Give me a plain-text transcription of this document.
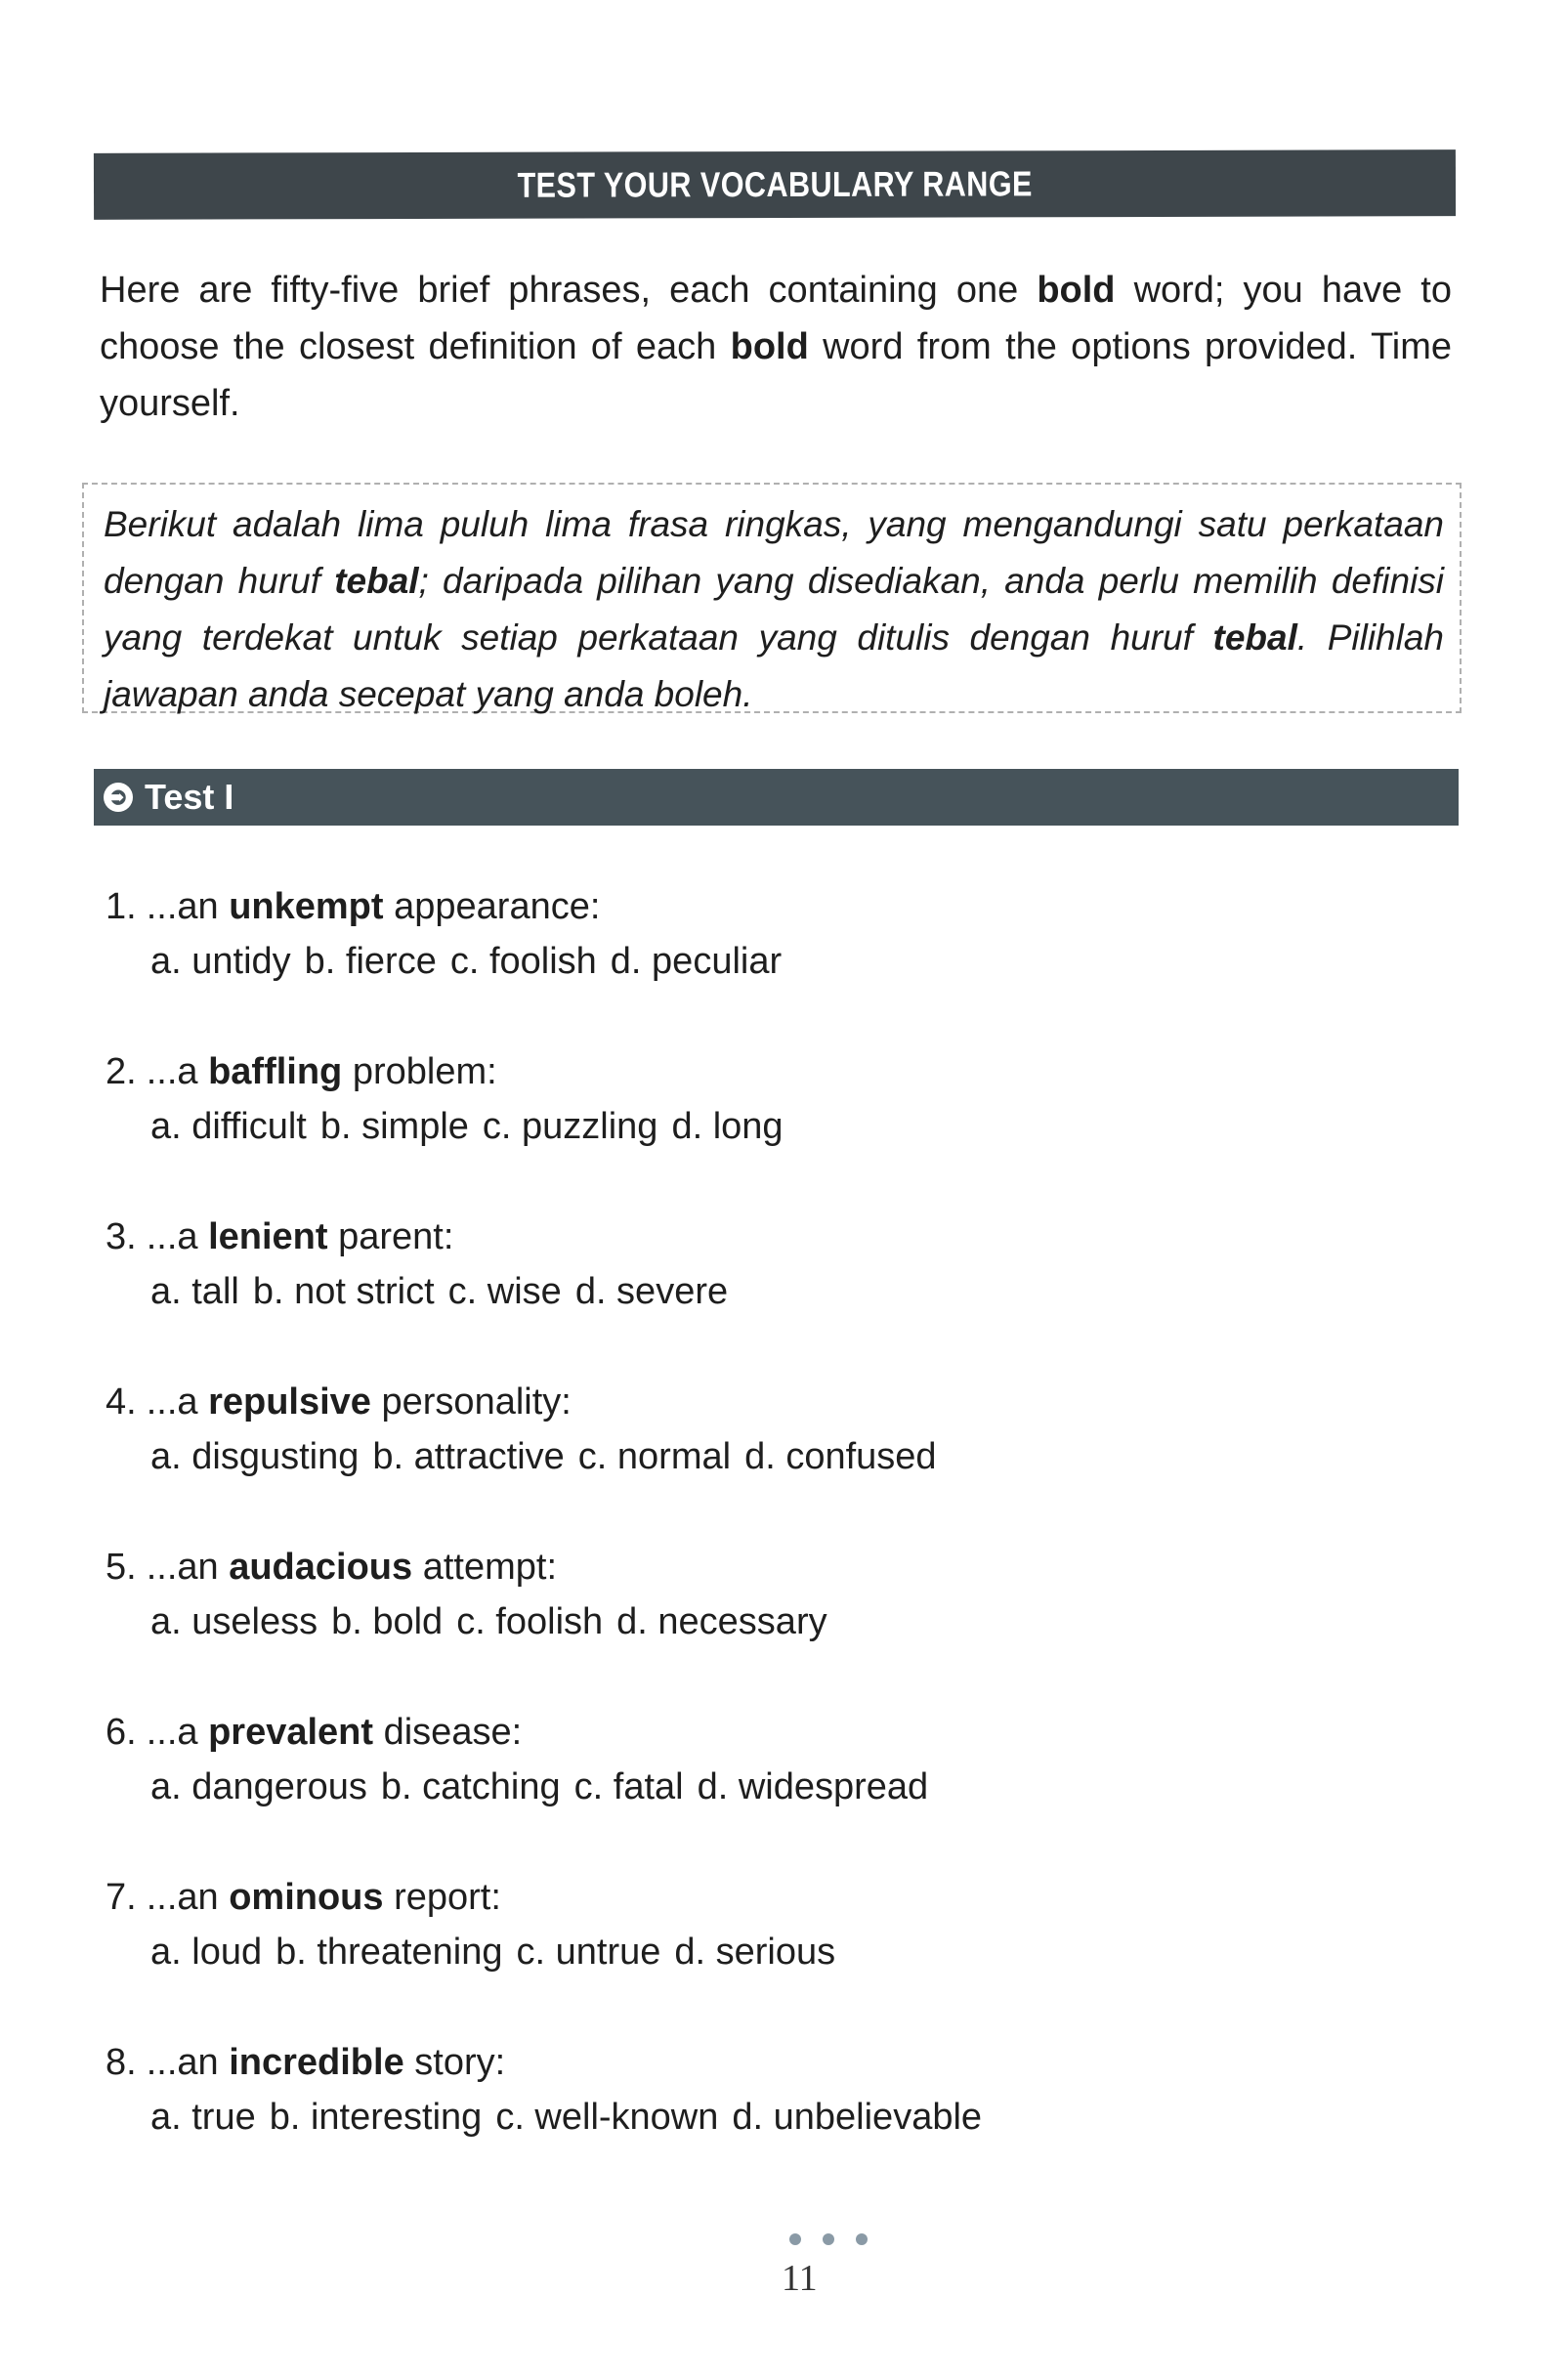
TEST YOUR VOCABULARY RANGE
Here are fifty-five brief phrases, each containing one bold word; you have to choose the closest definition of each bold word from the options provided. Time yourself.
Berikut adalah lima puluh lima frasa ringkas, yang mengandungi satu perkataan dengan huruf tebal; daripada pilihan yang disediakan, anda perlu memilih definisi yang terdekat untuk setiap perkataan yang ditulis dengan huruf tebal. Pilihlah jawapan anda secepat yang anda boleh.
➲ Test I
1. ...an unkempt appearance:
a. untidy b. fierce c. foolish d. peculiar
2. ...a baffling problem:
a. difficult b. simple c. puzzling d. long
3. ...a lenient parent:
a. tall b. not strict c. wise d. severe
4. ...a repulsive personality:
a. disgusting b. attractive c. normal d. confused
5. ...an audacious attempt:
a. useless b. bold c. foolish d. necessary
6. ...a prevalent disease:
a. dangerous b. catching c. fatal d. widespread
7. ...an ominous report:
a. loud b. threatening c. untrue d. serious
8. ...an incredible story:
a. true b. interesting c. well-known d. unbelievable
11
